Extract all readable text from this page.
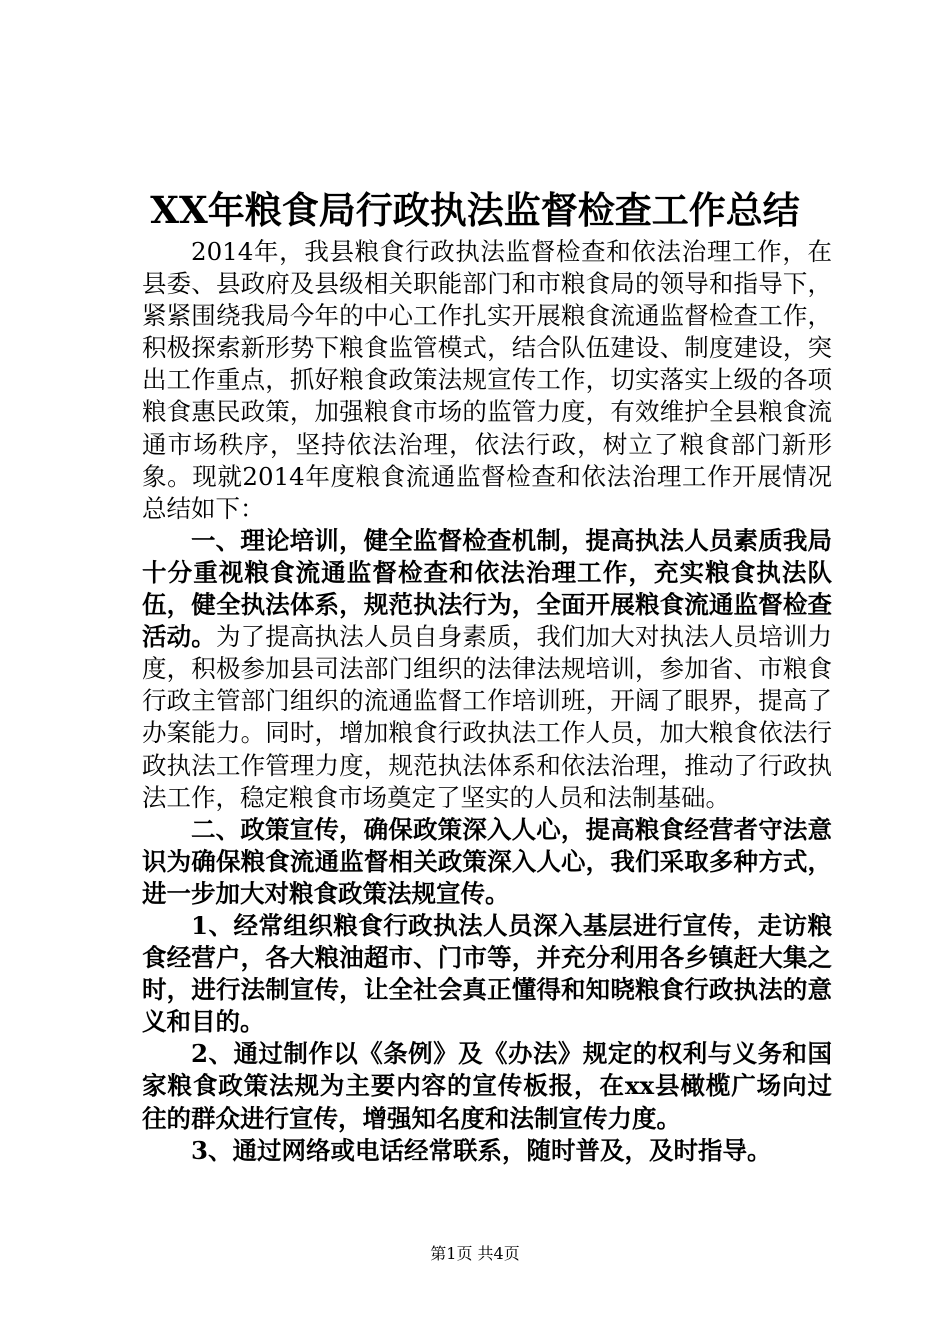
XX年粮食局行政执法监督检查工作总结

2014年，我县粮食行政执法监督检查和依法治理工作，在县委、县政府及县级相关职能部门和市粮食局的领导和指导下，紧紧围绕我局今年的中心工作扎实开展粮食流通监督检查工作，积极探索新形势下粮食监管模式，结合队伍建设、制度建设，突出工作重点，抓好粮食政策法规宣传工作，切实落实上级的各项粮食惠民政策，加强粮食市场的监管力度，有效维护全县粮食流通市场秩序，坚持依法治理，依法行政，树立了粮食部门新形象。现就2014年度粮食流通监督检查和依法治理工作开展情况总结如下：

一、理论培训，健全监督检查机制，提高执法人员素质我局十分重视粮食流通监督检查和依法治理工作，充实粮食执法队伍，健全执法体系，规范执法行为，全面开展粮食流通监督检查活动。为了提高执法人员自身素质，我们加大对执法人员培训力度，积极参加县司法部门组织的法律法规培训，参加省、市粮食行政主管部门组织的流通监督工作培训班，开阔了眼界，提高了办案能力。同时，增加粮食行政执法工作人员，加大粮食依法行政执法工作管理力度，规范执法体系和依法治理，推动了行政执法工作，稳定粮食市场奠定了坚实的人员和法制基础。

二、政策宣传，确保政策深入人心，提高粮食经营者守法意识为确保粮食流通监督相关政策深入人心，我们采取多种方式，进一步加大对粮食政策法规宣传。

1、经常组织粮食行政执法人员深入基层进行宣传，走访粮食经营户，各大粮油超市、门市等，并充分利用各乡镇赶大集之时，进行法制宣传，让全社会真正懂得和知晓粮食行政执法的意义和目的。

2、通过制作以《条例》及《办法》规定的权利与义务和国家粮食政策法规为主要内容的宣传板报，在xx县橄榄广场向过往的群众进行宣传，增强知名度和法制宣传力度。

3、通过网络或电话经常联系，随时普及，及时指导。

第1页 共4页
